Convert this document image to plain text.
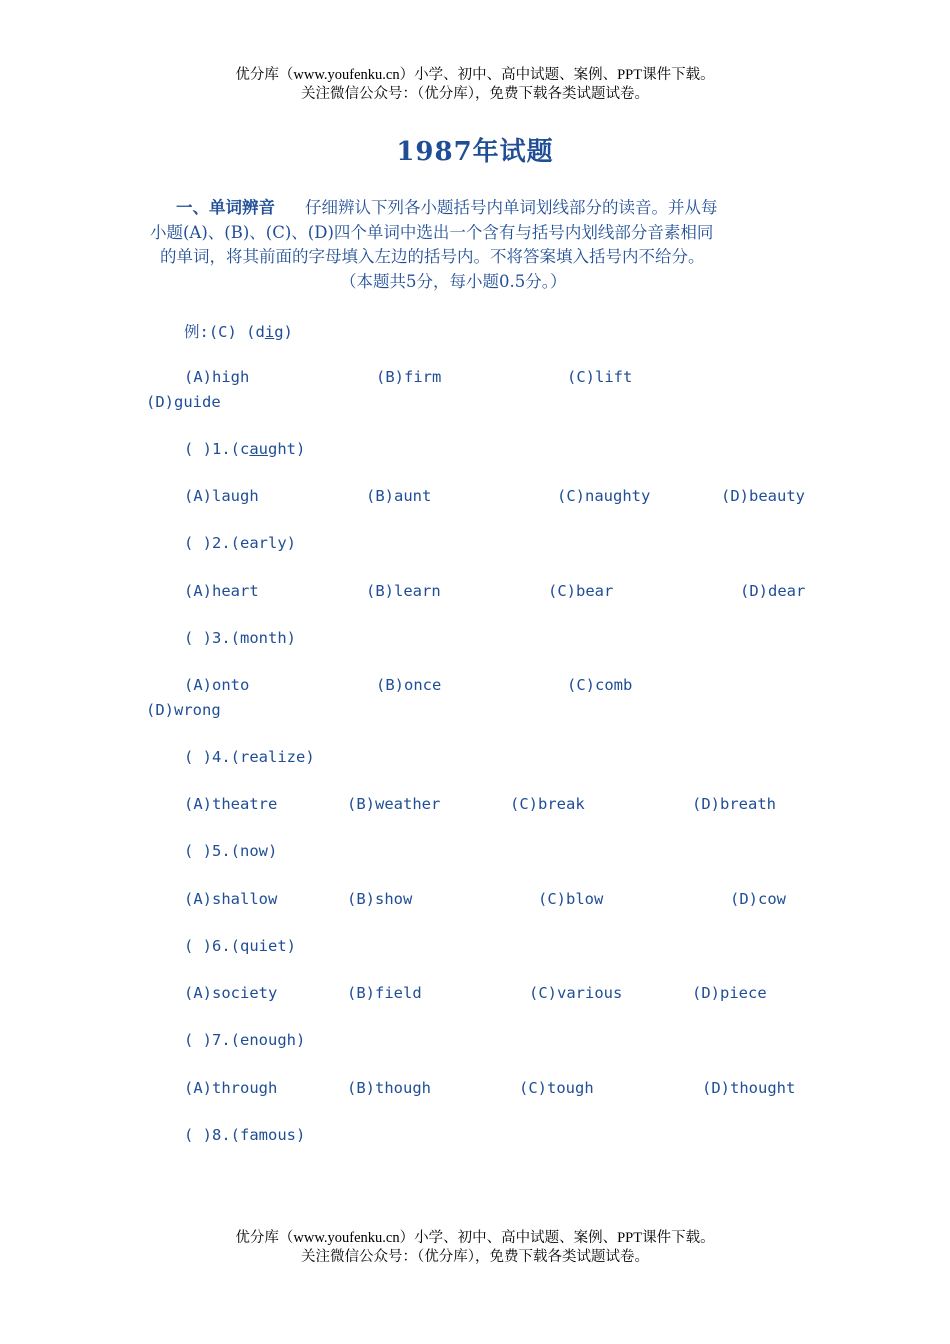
优分库（www.youfenku.cn）小学、初中、高中试题、案例、PPT课件下载。
关注微信公众号：（优分库），免费下载各类试题试卷。
1987年试题
一、单词辨音 仔细辨认下列各小题括号内单词划线部分的读音。并从每
小题(A)、(B)、(C)、(D)四个单词中选出一个含有与括号内划线部分音素相同
的单词，将其前面的字母填入左边的括号内。不将答案填入括号内不给分。
（本题共5分，每小题0.5分。）
例:(C) (dig)
(A)high	(B)firm	(C)lift
(D)guide
( )1.(caught)
(A)laugh	(B)aunt	(C)naughty	(D)beauty
( )2.(early)
(A)heart	(B)learn	(C)bear	(D)dear
( )3.(month)
(A)onto	(B)once	(C)comb
(D)wrong
( )4.(realize)
(A)theatre	(B)weather	(C)break	(D)breath
( )5.(now)
(A)shallow	(B)show	(C)blow	(D)cow
( )6.(quiet)
(A)society	(B)field	(C)various	(D)piece
( )7.(enough)
(A)through	(B)though	(C)tough	(D)thought
( )8.(famous)
优分库（www.youfenku.cn）小学、初中、高中试题、案例、PPT课件下载。
关注微信公众号：（优分库），免费下载各类试题试卷。
